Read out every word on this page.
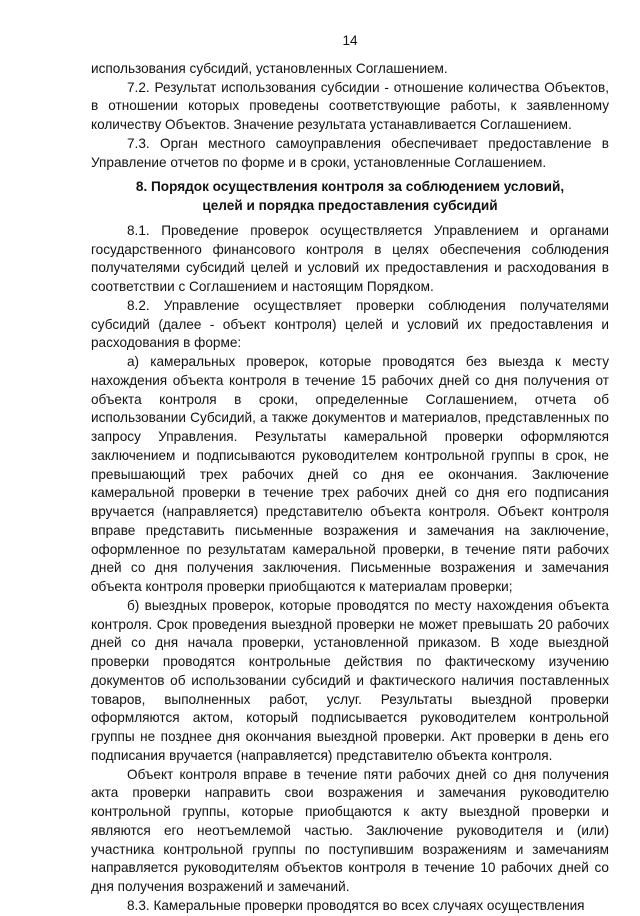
14

использования субсидий, установленных Соглашением.

7.2. Результат использования субсидии - отношение количества Объектов, в отношении которых проведены соответствующие работы, к заявленному количеству Объектов. Значение результата устанавливается Соглашением.

7.3. Орган местного самоуправления обеспечивает предоставление в Управление отчетов по форме и в сроки, установленные Соглашением.

8. Порядок осуществления контроля за соблюдением условий,
целей и порядка предоставления субсидий

8.1. Проведение проверок осуществляется Управлением и органами государственного финансового контроля в целях обеспечения соблюдения получателями субсидий целей и условий их предоставления и расходования в соответствии с Соглашением и настоящим Порядком.

8.2. Управление осуществляет проверки соблюдения получателями субсидий (далее - объект контроля) целей и условий их предоставления и расходования в форме:

а) камеральных проверок, которые проводятся без выезда к месту нахождения объекта контроля в течение 15 рабочих дней со дня получения от объекта контроля в сроки, определенные Соглашением, отчета об использовании Субсидий, а также документов и материалов, представленных по запросу Управления. Результаты камеральной проверки оформляются заключением и подписываются руководителем контрольной группы в срок, не превышающий трех рабочих дней со дня ее окончания. Заключение камеральной проверки в течение трех рабочих дней со дня его подписания вручается (направляется) представителю объекта контроля. Объект контроля вправе представить письменные возражения и замечания на заключение, оформленное по результатам камеральной проверки, в течение пяти рабочих дней со дня получения заключения. Письменные возражения и замечания объекта контроля проверки приобщаются к материалам проверки;

б) выездных проверок, которые проводятся по месту нахождения объекта контроля. Срок проведения выездной проверки не может превышать 20 рабочих дней со дня начала проверки, установленной приказом. В ходе выездной проверки проводятся контрольные действия по фактическому изучению документов об использовании субсидий и фактического наличия поставленных товаров, выполненных работ, услуг. Результаты выездной проверки оформляются актом, который подписывается руководителем контрольной группы не позднее дня окончания выездной проверки. Акт проверки в день его подписания вручается (направляется) представителю объекта контроля.

Объект контроля вправе в течение пяти рабочих дней со дня получения акта проверки направить свои возражения и замечания руководителю контрольной группы, которые приобщаются к акту выездной проверки и являются его неотъемлемой частью. Заключение руководителя и (или) участника контрольной группы по поступившим возражениям и замечаниям направляется руководителям объектов контроля в течение 10 рабочих дней со дня получения возражений и замечаний.

8.3. Камеральные проверки проводятся во всех случаях осуществления
